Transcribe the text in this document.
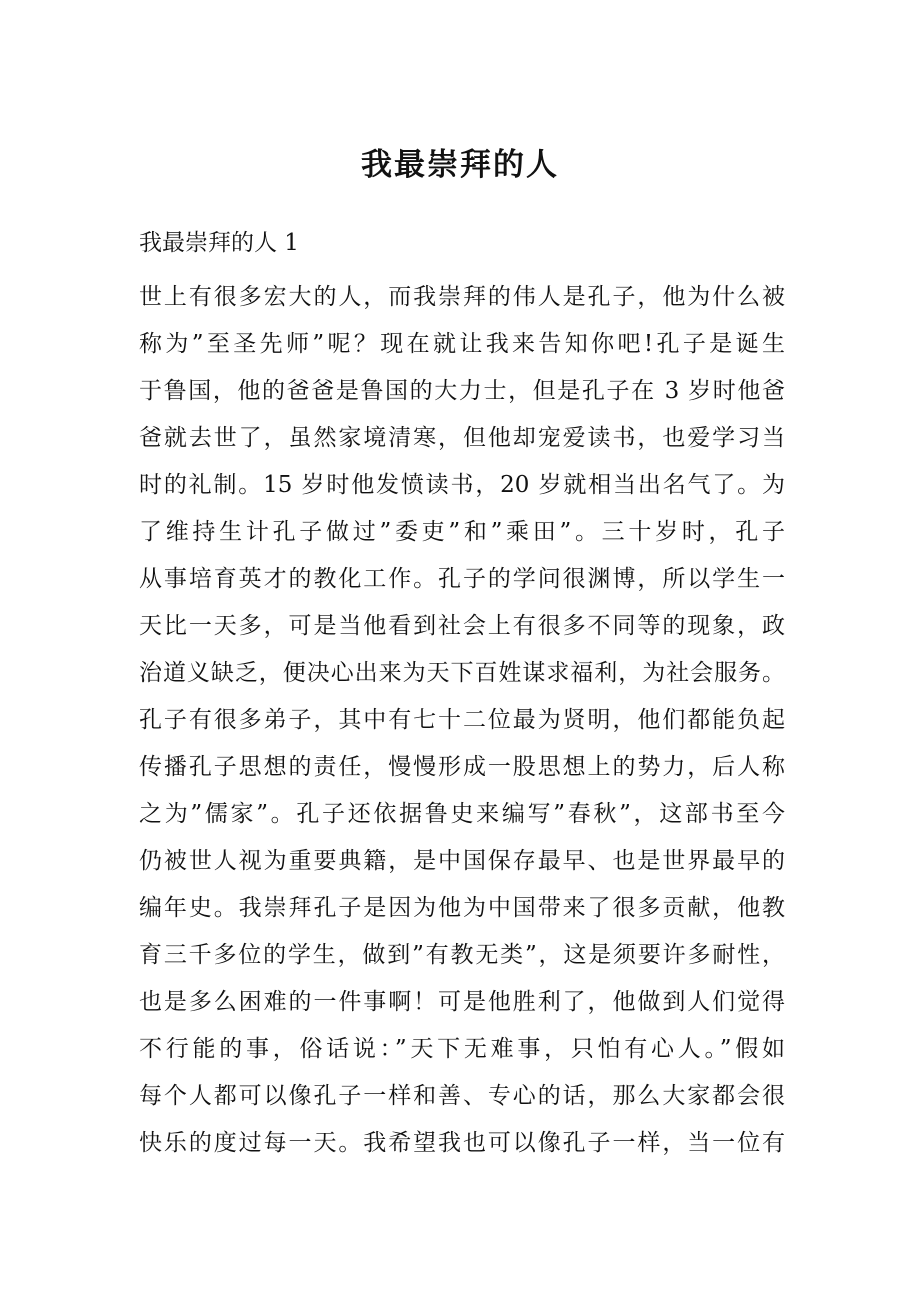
我最崇拜的人
我最崇拜的人 1
世上有很多宏大的人，而我崇拜的伟人是孔子，他为什么被
称为”至圣先师”呢？现在就让我来告知你吧!孔子是诞生
于鲁国，他的爸爸是鲁国的大力士，但是孔子在 3 岁时他爸
爸就去世了，虽然家境清寒，但他却宠爱读书，也爱学习当
时的礼制。15 岁时他发愤读书，20 岁就相当出名气了。为
了维持生计孔子做过”委吏”和”乘田”。三十岁时，孔子
从事培育英才的教化工作。孔子的学问很渊博，所以学生一
天比一天多，可是当他看到社会上有很多不同等的现象，政
治道义缺乏，便决心出来为天下百姓谋求福利，为社会服务。
孔子有很多弟子，其中有七十二位最为贤明，他们都能负起
传播孔子思想的责任，慢慢形成一股思想上的势力，后人称
之为”儒家”。孔子还依据鲁史来编写”春秋”，这部书至今
仍被世人视为重要典籍，是中国保存最早、也是世界最早的
编年史。我崇拜孔子是因为他为中国带来了很多贡献，他教
育三千多位的学生，做到”有教无类”，这是须要许多耐性，
也是多么困难的一件事啊！可是他胜利了，他做到人们觉得
不行能的事，俗话说：”天下无难事，只怕有心人。”假如
每个人都可以像孔子一样和善、专心的话，那么大家都会很
快乐的度过每一天。我希望我也可以像孔子一样，当一位有
